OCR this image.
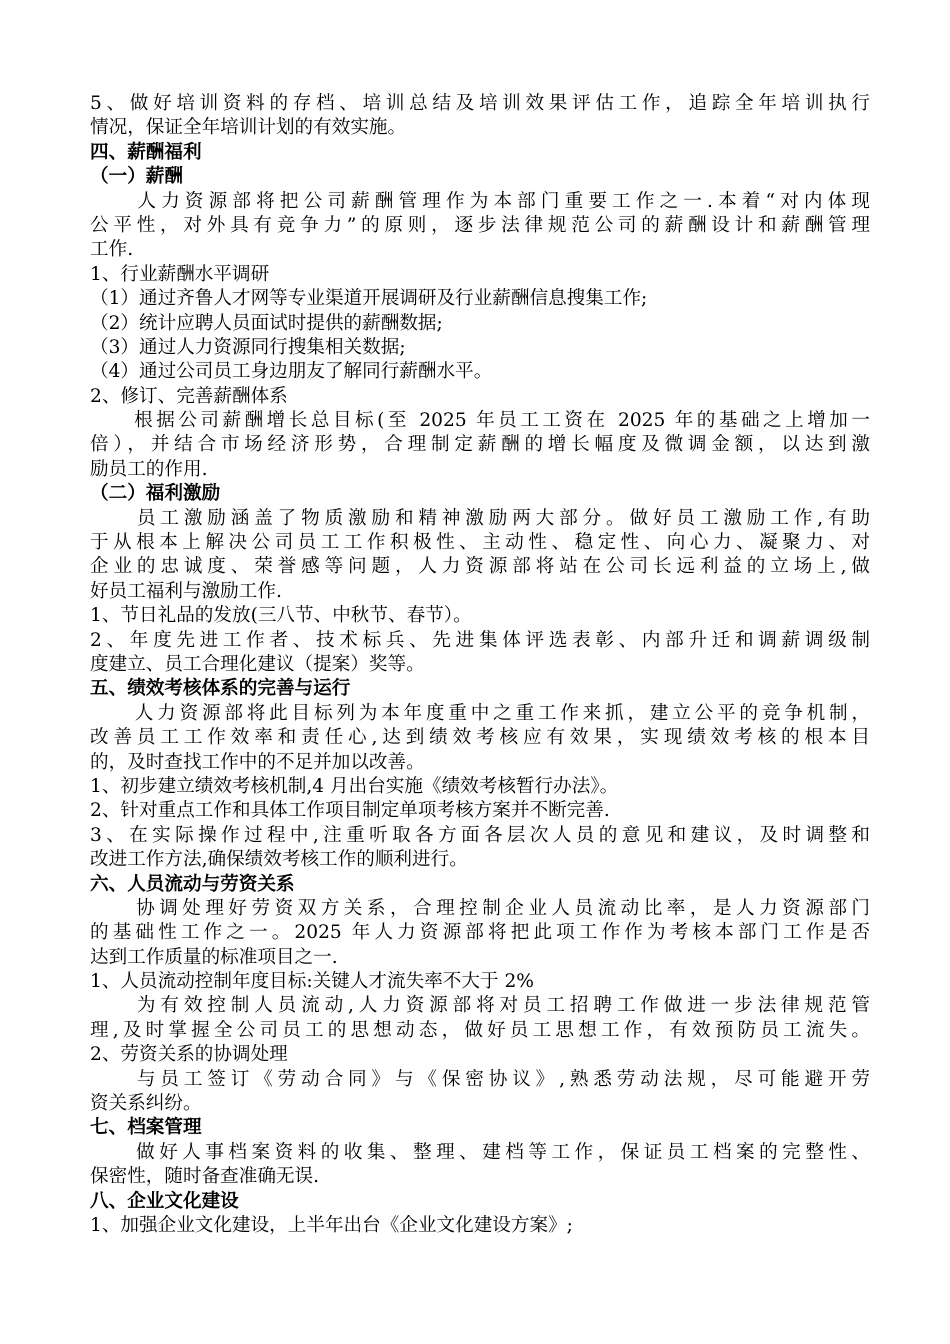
5、做好培训资料的存档、培训总结及培训效果评估工作，追踪全年培训执行
情况，保证全年培训计划的有效实施。
四、薪酬福利
（一）薪酬
　　人力资源部将把公司薪酬管理作为本部门重要工作之一.本着“对内体现
公平性，对外具有竞争力”的原则，逐步法律规范公司的薪酬设计和薪酬管理
工作.
1、行业薪酬水平调研
（1）通过齐鲁人才网等专业渠道开展调研及行业薪酬信息搜集工作;
（2）统计应聘人员面试时提供的薪酬数据;
（3）通过人力资源同行搜集相关数据;
（4）通过公司员工身边朋友了解同行薪酬水平。
2、修订、完善薪酬体系
　　根据公司薪酬增长总目标(至 2025 年员工工资在 2025 年的基础之上增加一
倍），并结合市场经济形势，合理制定薪酬的增长幅度及微调金额，以达到激
励员工的作用.
（二）福利激励
　　员工激励涵盖了物质激励和精神激励两大部分。做好员工激励工作,有助
于从根本上解决公司员工工作积极性、主动性、稳定性、向心力、凝聚力、对
企业的忠诚度、荣誉感等问题，人力资源部将站在公司长远利益的立场上,做
好员工福利与激励工作.
1、节日礼品的发放(三八节、中秋节、春节）。
2、年度先进工作者、技术标兵、先进集体评选表彰、内部升迁和调薪调级制
度建立、员工合理化建议（提案）奖等。
五、绩效考核体系的完善与运行
　　人力资源部将此目标列为本年度重中之重工作来抓，建立公平的竞争机制，
改善员工工作效率和责任心,达到绩效考核应有效果，实现绩效考核的根本目
的，及时查找工作中的不足并加以改善。
1、初步建立绩效考核机制,4 月出台实施《绩效考核暂行办法》。
2、针对重点工作和具体工作项目制定单项考核方案并不断完善.
3、在实际操作过程中,注重听取各方面各层次人员的意见和建议，及时调整和
改进工作方法,确保绩效考核工作的顺利进行。
六、人员流动与劳资关系
　　协调处理好劳资双方关系，合理控制企业人员流动比率，是人力资源部门
的基础性工作之一。2025 年人力资源部将把此项工作作为考核本部门工作是否
达到工作质量的标准项目之一.
1、人员流动控制年度目标:关键人才流失率不大于 2%
　　为有效控制人员流动,人力资源部将对员工招聘工作做进一步法律规范管
理,及时掌握全公司员工的思想动态，做好员工思想工作，有效预防员工流失。
2、劳资关系的协调处理
　　与员工签订《劳动合同》与《保密协议》,熟悉劳动法规，尽可能避开劳
资关系纠纷。
七、档案管理
　　做好人事档案资料的收集、整理、建档等工作，保证员工档案的完整性、
保密性，随时备查准确无误.
八、企业文化建设
1、加强企业文化建设，上半年出台《企业文化建设方案》;
